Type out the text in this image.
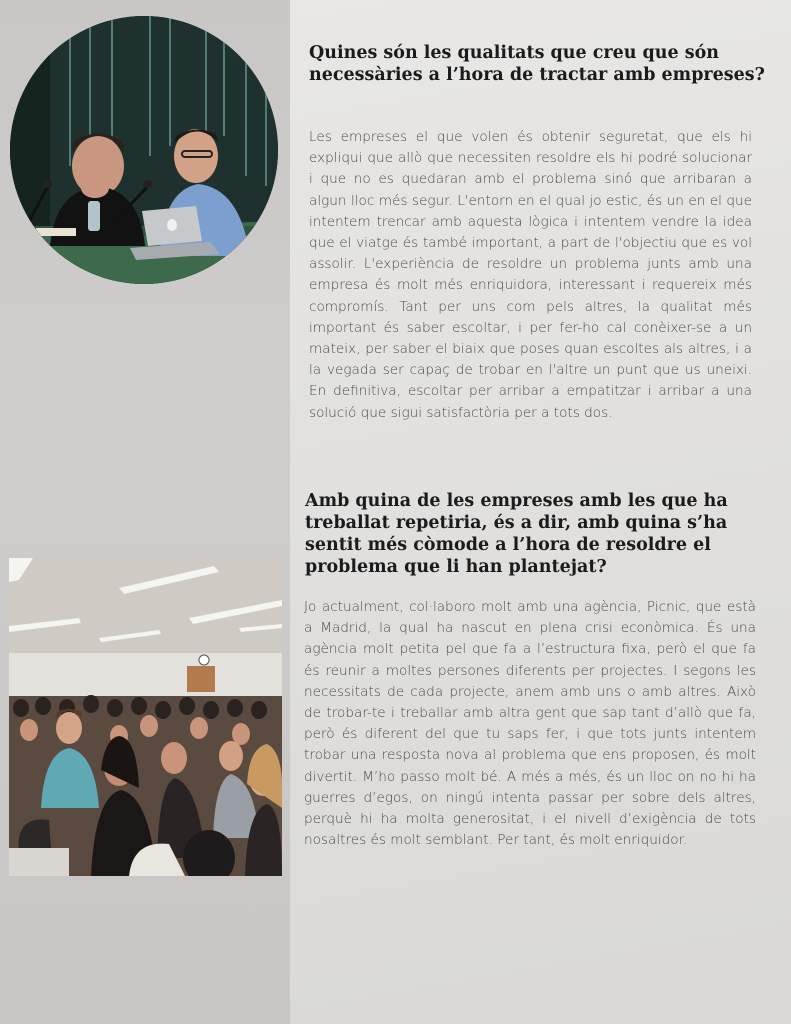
Quines són les qualitats que creu que són necessàries a l’hora de tractar amb empreses?

Les empreses el que volen és obtenir seguretat, que els hi expliqui que allò que necessiten resoldre els hi podré solucionar i que no es quedaran amb el problema sinó que arribaran a algun lloc més segur. L'entorn en el qual jo estic, és un en el que intentem trencar amb aquesta lògica i intentem vendre la idea que el viatge és també important, a part de l'objectiu que es vol assolir. L'experiència de resoldre un problema junts amb una empresa és molt més enriquidora, interessant i requereix més compromís. Tant per uns com pels altres, la qualitat més important és saber escoltar, i per fer-ho cal conèixer-se a un mateix, per saber el biaix que poses quan escoltes als altres, i a la vegada ser capaç de trobar en l'altre un punt que us uneixi. En definitiva, escoltar per arribar a empatitzar i arribar a una solució que sigui satisfactòria per a tots dos.

Amb quina de les empreses amb les que ha treballat repetiria, és a dir, amb quina s’ha sentit més còmode a l’hora de resoldre el problema que li han plantejat?

Jo actualment, col·laboro molt amb una agència, Picnic, que està a Madrid, la qual ha nascut en plena crisi econòmica. És una agència molt petita pel que fa a l’estructura fixa, però el que fa és reunir a moltes persones diferents per projectes. I segons les necessitats de cada projecte, anem amb uns o amb altres. Això de trobar-te i treballar amb altra gent que sap tant d’allò que fa, però és diferent del que tu saps fer, i que tots junts intentem trobar una resposta nova al problema que ens proposen, és molt divertit. M’ho passo molt bé. A més a més, és un lloc on no hi ha guerres d’egos, on ningú intenta passar per sobre dels altres, perquè hi ha molta generositat, i el nivell d’exigència de tots nosaltres és molt semblant. Per tant, és molt enriquidor.
